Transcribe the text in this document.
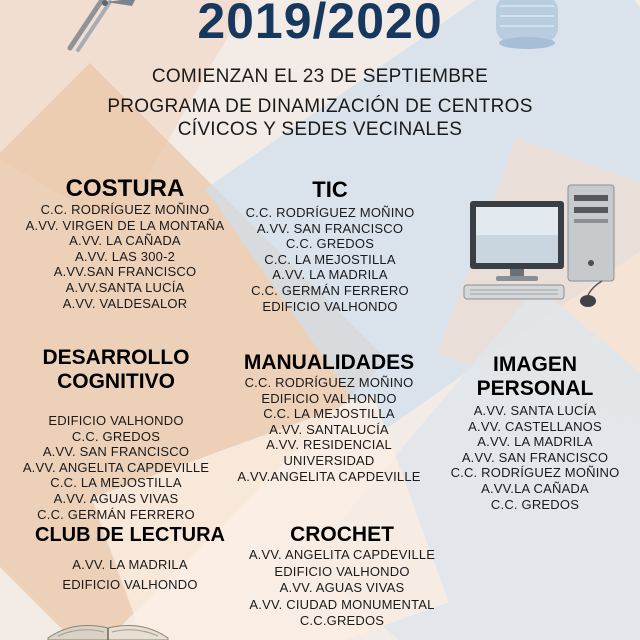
2019/2020
COMIENZAN EL 23 DE SEPTIEMBRE
PROGRAMA DE DINAMIZACIÓN DE CENTROS
CÍVICOS Y SEDES VECINALES
COSTURA
C.C. RODRÍGUEZ MOÑINO
A.VV. VIRGEN DE LA MONTAÑA
A.VV. LA CAÑADA
A.VV. LAS 300-2
A.VV.SAN FRANCISCO
A.VV.SANTA LUCÍA
A.VV. VALDESALOR
TIC
C.C. RODRÍGUEZ MOÑINO
A.VV. SAN FRANCISCO
C.C. GREDOS
C.C. LA MEJOSTILLA
A.VV. LA MADRILA
C.C. GERMÁN FERRERO
EDIFICIO VALHONDO
DESARROLLO
COGNITIVO
EDIFICIO VALHONDO
C.C. GREDOS
A.VV. SAN FRANCISCO
A.VV. ANGELITA CAPDEVILLE
C.C. LA MEJOSTILLA
A.VV. AGUAS VIVAS
C.C. GERMÁN FERRERO
MANUALIDADES
C.C. RODRÍGUEZ MOÑINO
EDIFICIO VALHONDO
C.C. LA MEJOSTILLA
A.VV. SANTALUCÍA
A.VV. RESIDENCIAL
UNIVERSIDAD
A.VV.ANGELITA CAPDEVILLE
IMAGEN
PERSONAL
A.VV. SANTA LUCÍA
A.VV. CASTELLANOS
A.VV. LA MADRILA
A.VV. SAN FRANCISCO
C.C. RODRÍGUEZ MOÑINO
A.VV.LA CAÑADA
C.C. GREDOS
CLUB DE LECTURA
A.VV. LA MADRILA
EDIFICIO VALHONDO
CROCHET
A.VV. ANGELITA CAPDEVILLE
EDIFICIO VALHONDO
A.VV. AGUAS VIVAS
A.VV. CIUDAD MONUMENTAL
C.C.GREDOS
